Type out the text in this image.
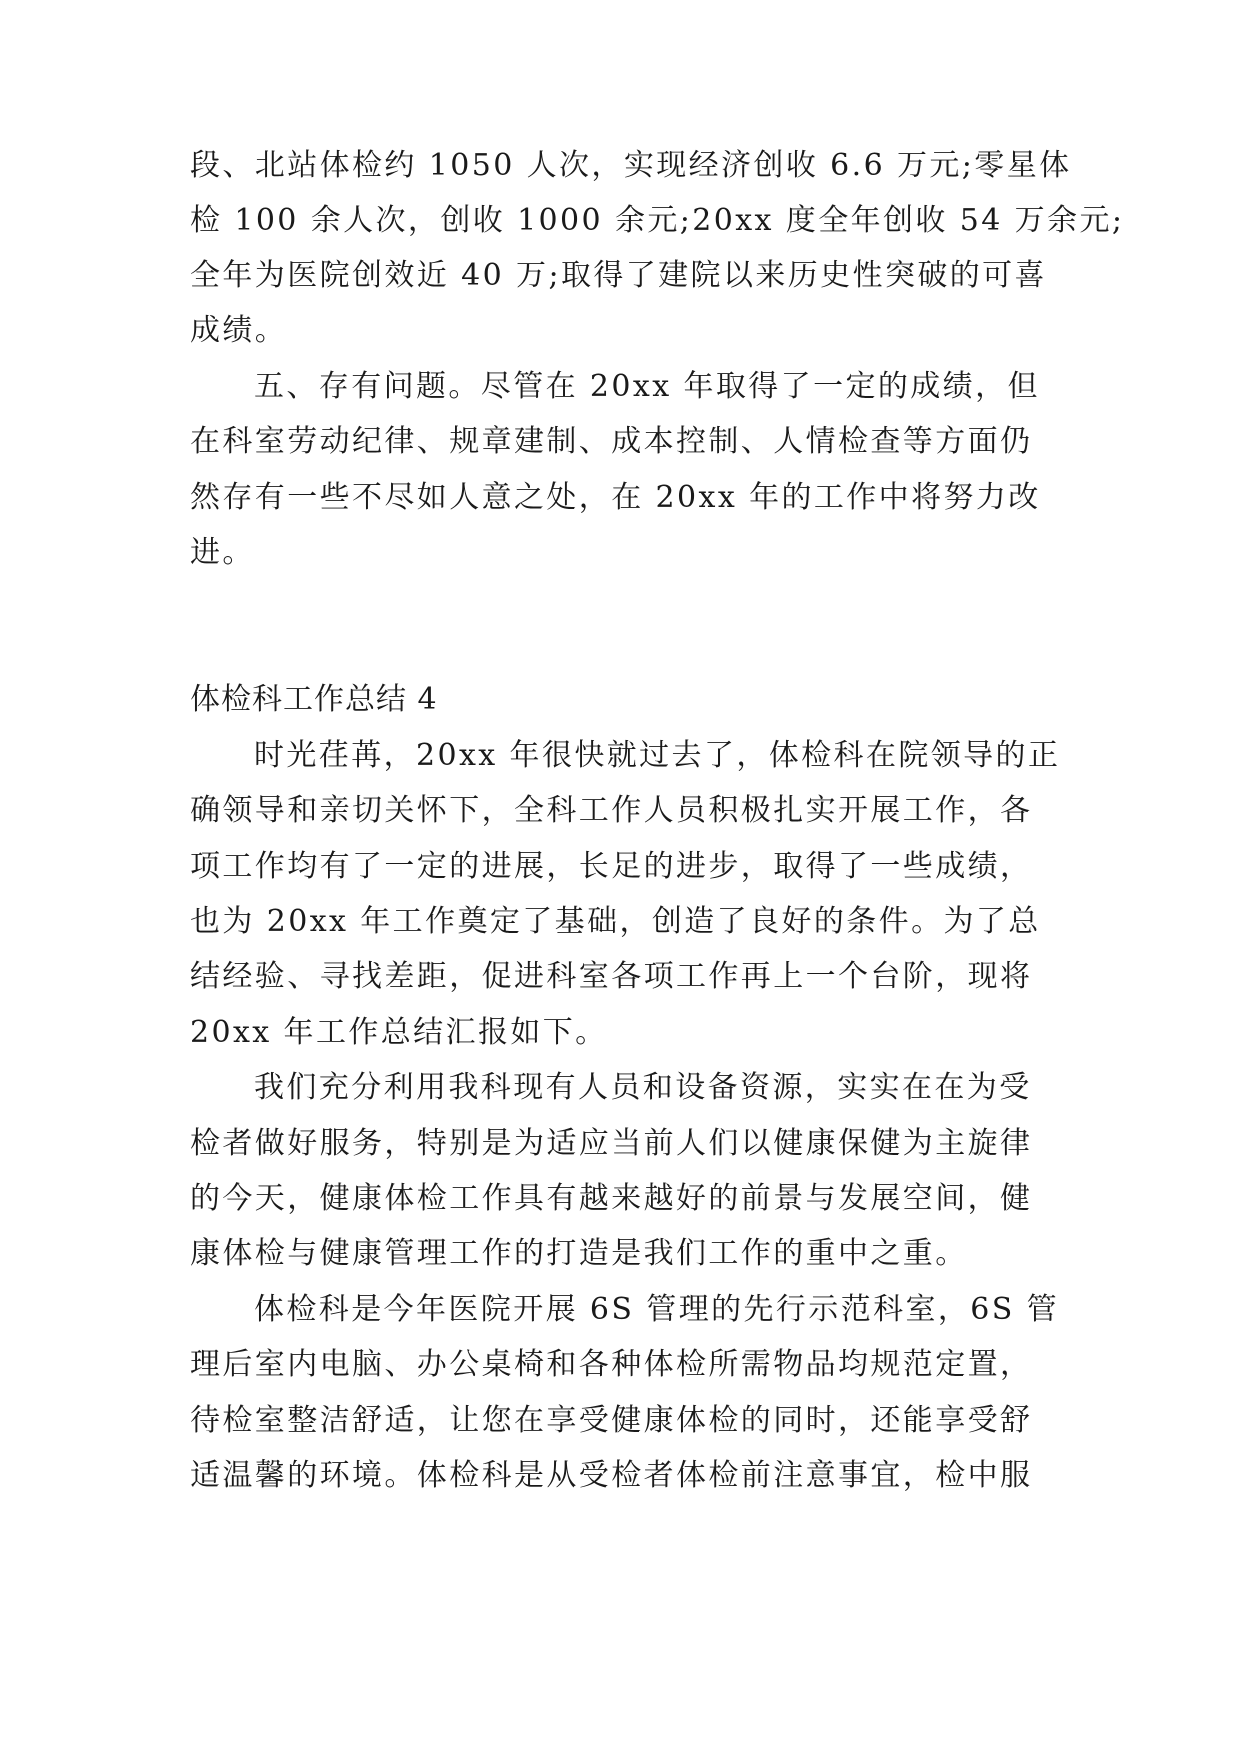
段、北站体检约 1050 人次，实现经济创收 6.6 万元;零星体
检 100 余人次，创收 1000 余元;20xx 度全年创收 54 万余元;
全年为医院创效近 40 万;取得了建院以来历史性突破的可喜
成绩。
五、存有问题。尽管在 20xx 年取得了一定的成绩，但
在科室劳动纪律、规章建制、成本控制、人情检查等方面仍
然存有一些不尽如人意之处，在 20xx 年的工作中将努力改
进。
体检科工作总结 4
时光荏苒，20xx 年很快就过去了，体检科在院领导的正
确领导和亲切关怀下，全科工作人员积极扎实开展工作，各
项工作均有了一定的进展，长足的进步，取得了一些成绩，
也为 20xx 年工作奠定了基础，创造了良好的条件。为了总
结经验、寻找差距，促进科室各项工作再上一个台阶，现将
20xx 年工作总结汇报如下。
我们充分利用我科现有人员和设备资源，实实在在为受
检者做好服务，特别是为适应当前人们以健康保健为主旋律
的今天，健康体检工作具有越来越好的前景与发展空间，健
康体检与健康管理工作的打造是我们工作的重中之重。
体检科是今年医院开展 6S 管理的先行示范科室，6S 管
理后室内电脑、办公桌椅和各种体检所需物品均规范定置，
待检室整洁舒适，让您在享受健康体检的同时，还能享受舒
适温馨的环境。体检科是从受检者体检前注意事宜，检中服
